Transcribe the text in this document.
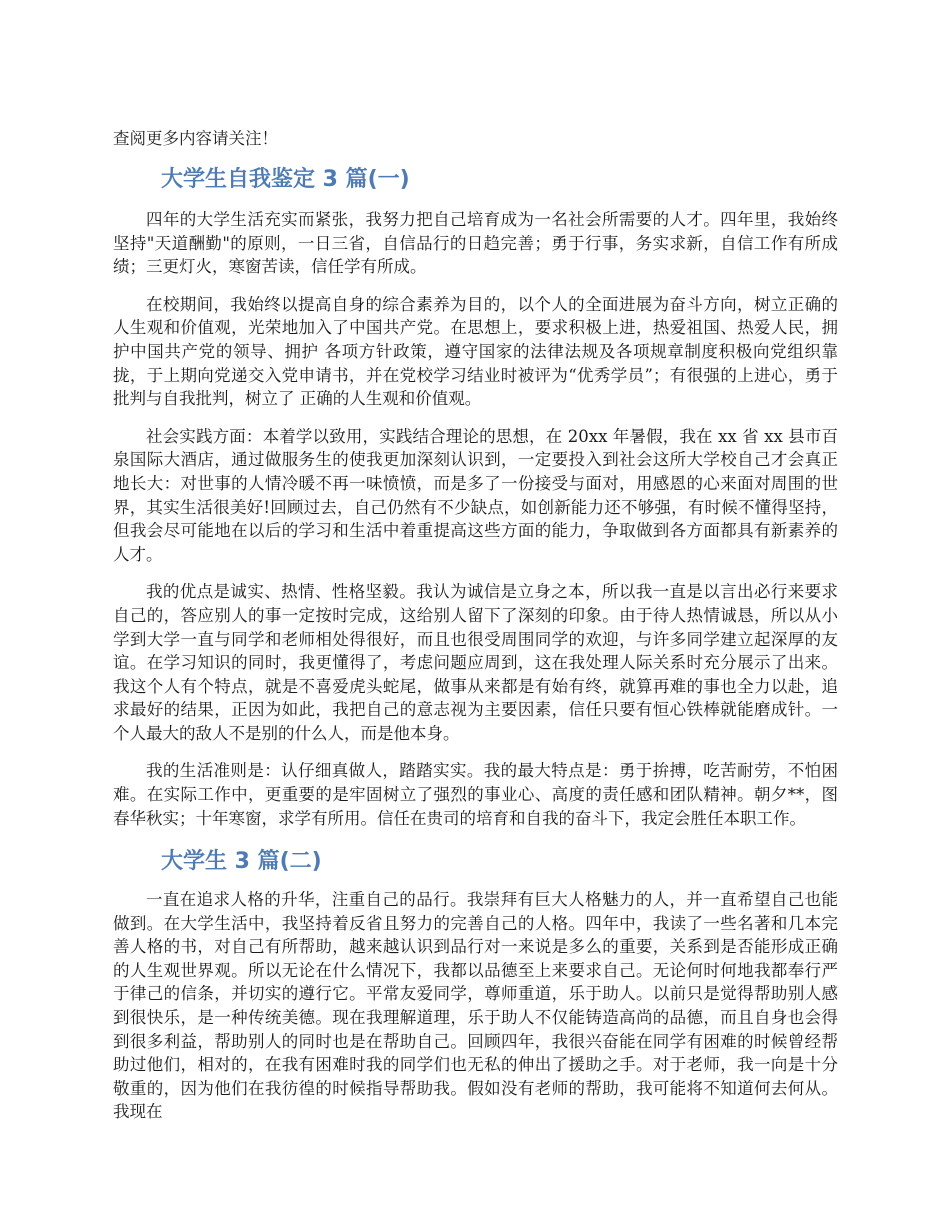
查阅更多内容请关注！

大学生自我鉴定 3 篇(一)

四年的大学生活充实而紧张，我努力把自己培育成为一名社会所需要的人才。四年里，我始终坚持"天道酬勤"的原则，一日三省，自信品行的日趋完善；勇于行事，务实求新，自信工作有所成绩；三更灯火，寒窗苦读，信任学有所成。

在校期间，我始终以提高自身的综合素养为目的，以个人的全面进展为奋斗方向，树立正确的人生观和价值观，光荣地加入了中国共产党。在思想上，要求积极上进，热爱祖国、热爱人民，拥护中国共产党的领导、拥护 各项方针政策，遵守国家的法律法规及各项规章制度积极向党组织靠拢，于上期向党递交入党申请书，并在党校学习结业时被评为“优秀学员”；有很强的上进心，勇于批判与自我批判，树立了 正确的人生观和价值观。

社会实践方面：本着学以致用，实践结合理论的思想，在 20xx 年暑假，我在 xx 省 xx 县市百泉国际大酒店，通过做服务生的使我更加深刻认识到，一定要投入到社会这所大学校自己才会真正地长大：对世事的人情冷暖不再一味愤愤，而是多了一份接受与面对，用感恩的心来面对周围的世界，其实生活很美好!回顾过去，自己仍然有不少缺点，如创新能力还不够强，有时候不懂得坚持，但我会尽可能地在以后的学习和生活中着重提高这些方面的能力，争取做到各方面都具有新素养的人才。

我的优点是诚实、热情、性格坚毅。我认为诚信是立身之本，所以我一直是以言出必行来要求自己的，答应别人的事一定按时完成，这给别人留下了深刻的印象。由于待人热情诚恳，所以从小学到大学一直与同学和老师相处得很好，而且也很受周围同学的欢迎，与许多同学建立起深厚的友谊。在学习知识的同时，我更懂得了，考虑问题应周到，这在我处理人际关系时充分展示了出来。我这个人有个特点，就是不喜爱虎头蛇尾，做事从来都是有始有终，就算再难的事也全力以赴，追求最好的结果，正因为如此，我把自己的意志视为主要因素，信任只要有恒心铁棒就能磨成针。一个人最大的敌人不是别的什么人，而是他本身。

我的生活准则是：认仔细真做人，踏踏实实。我的最大特点是：勇于拚搏，吃苦耐劳，不怕困难。在实际工作中，更重要的是牢固树立了强烈的事业心、高度的责任感和团队精神。朝夕**，图春华秋实；十年寒窗，求学有所用。信任在贵司的培育和自我的奋斗下，我定会胜任本职工作。

大学生 3 篇(二)

一直在追求人格的升华，注重自己的品行。我崇拜有巨大人格魅力的人，并一直希望自己也能做到。在大学生活中，我坚持着反省且努力的完善自己的人格。四年中，我读了一些名著和几本完善人格的书，对自己有所帮助，越来越认识到品行对一来说是多么的重要，关系到是否能形成正确的人生观世界观。所以无论在什么情况下，我都以品德至上来要求自己。无论何时何地我都奉行严于律己的信条，并切实的遵行它。平常友爱同学，尊师重道，乐于助人。以前只是觉得帮助别人感到很快乐，是一种传统美德。现在我理解道理，乐于助人不仅能铸造高尚的品德，而且自身也会得到很多利益，帮助别人的同时也是在帮助自己。回顾四年，我很兴奋能在同学有困难的时候曾经帮助过他们，相对的，在我有困难时我的同学们也无私的伸出了援助之手。对于老师，我一向是十分敬重的，因为他们在我彷徨的时候指导帮助我。假如没有老师的帮助，我可能将不知道何去何从。我现在
